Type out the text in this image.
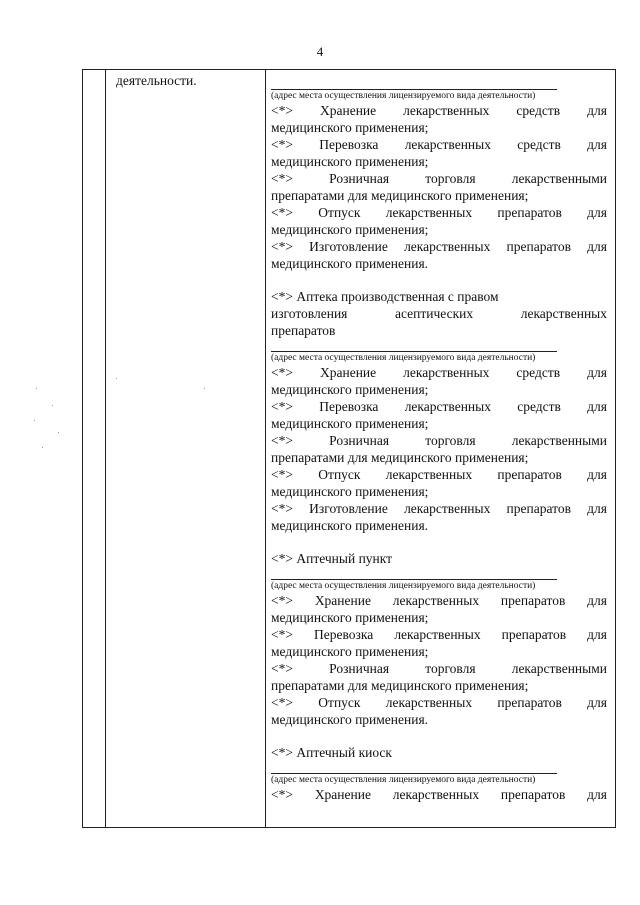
4
деятельности.
(адрес места осуществления лицензируемого вида деятельности)
<*> Хранение лекарственных средств для
медицинского применения;
<*> Перевозка лекарственных средств для
медицинского применения;
<*>	Розничная	торговля	лекарственными
препаратами для медицинского применения;
<*> Отпуск лекарственных препаратов для
медицинского применения;
<*> Изготовление лекарственных препаратов для
медицинского применения.
<*> Аптека производственная с правом
изготовления	асептических	лекарственных
препаратов
(адрес места осуществления лицензируемого вида деятельности)
<*> Хранение лекарственных средств для
медицинского применения;
<*> Перевозка лекарственных средств для
медицинского применения;
<*>	Розничная	торговля	лекарственными
препаратами для медицинского применения;
<*> Отпуск лекарственных препаратов для
медицинского применения;
<*> Изготовление лекарственных препаратов для
медицинского применения.
<*> Аптечный пункт
(адрес места осуществления лицензируемого вида деятельности)
<*> Хранение лекарственных препаратов для
медицинского применения;
<*> Перевозка лекарственных препаратов для
медицинского применения;
<*>	Розничная	торговля	лекарственными
препаратами для медицинского применения;
<*> Отпуск лекарственных препаратов для
медицинского применения.
<*> Аптечный киоск
(адрес места осуществления лицензируемого вида деятельности)
<*> Хранение лекарственных препаратов для
